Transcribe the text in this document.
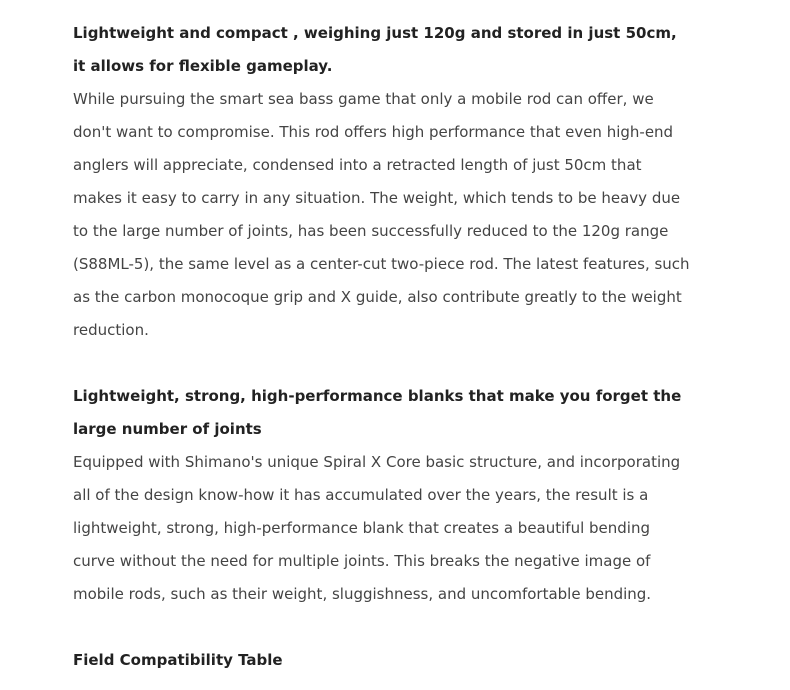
Lightweight and compact , weighing just 120g and stored in just 50cm, it allows for flexible gameplay.

While pursuing the smart sea bass game that only a mobile rod can offer, we don't want to compromise. This rod offers high performance that even high-end anglers will appreciate, condensed into a retracted length of just 50cm that makes it easy to carry in any situation. The weight, which tends to be heavy due to the large number of joints, has been successfully reduced to the 120g range (S88ML-5), the same level as a center-cut two-piece rod. The latest features, such as the carbon monocoque grip and X guide, also contribute greatly to the weight reduction.

Lightweight, strong, high-performance blanks that make you forget the large number of joints

Equipped with Shimano's unique Spiral X Core basic structure, and incorporating all of the design know-how it has accumulated over the years, the result is a lightweight, strong, high-performance blank that creates a beautiful bending curve without the need for multiple joints. This breaks the negative image of mobile rods, such as their weight, sluggishness, and uncomfortable bending.

Field Compatibility Table
